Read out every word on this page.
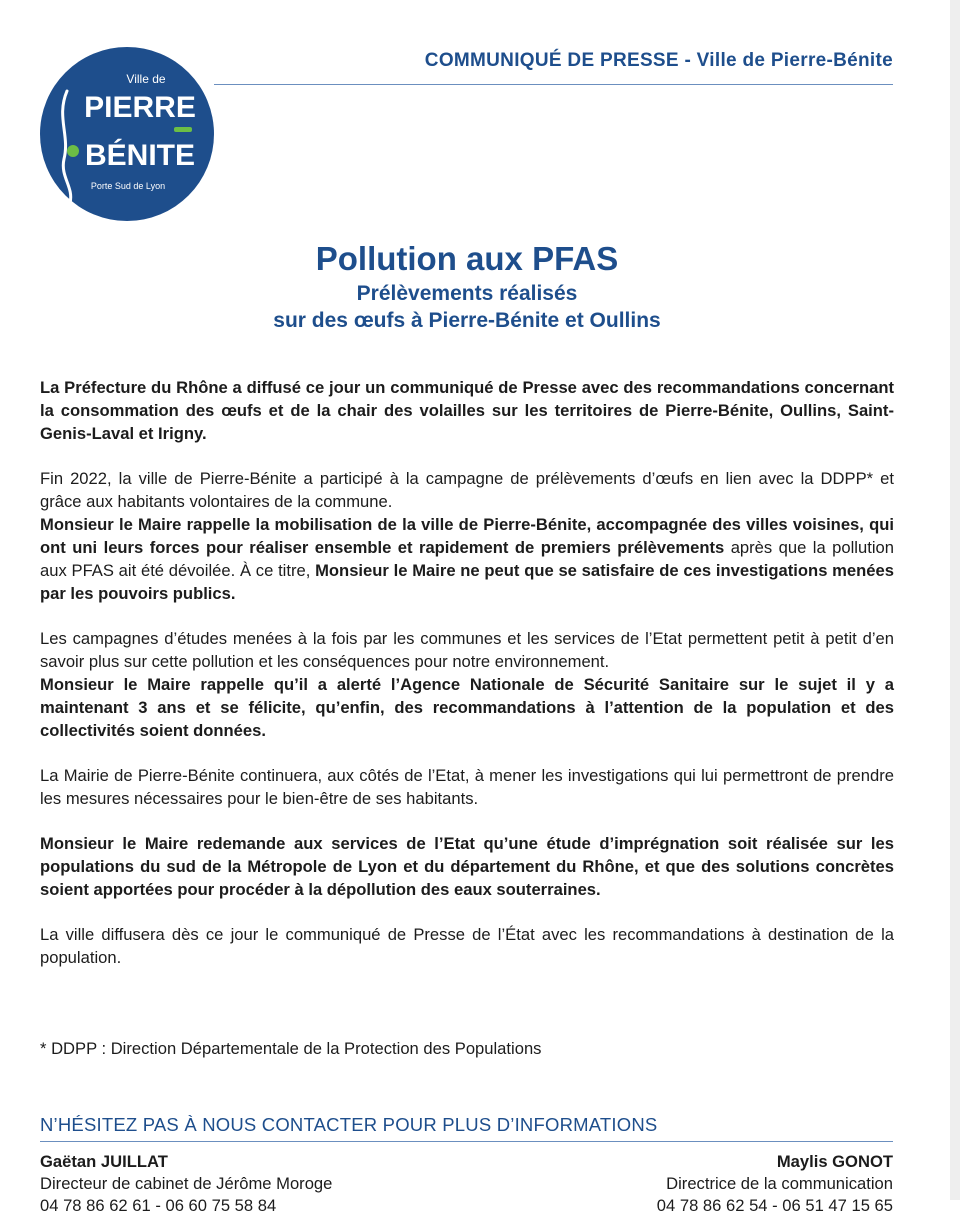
Ville de
PIERRE
BÉNITE
Porte Sud de Lyon
COMMUNIQUÉ DE PRESSE - Ville de Pierre-Bénite
Pollution aux PFAS
Prélèvements réalisés
sur des œufs à Pierre-Bénite et Oullins

La Préfecture du Rhône a diffusé ce jour un communiqué de Presse avec des recommandations concernant la consommation des œufs et de la chair des volailles sur les territoires de Pierre-Bénite, Oullins, Saint-Genis-Laval et Irigny.

Fin 2022, la ville de Pierre-Bénite a participé à la campagne de prélèvements d’œufs en lien avec la DDPP* et grâce aux habitants volontaires de la commune.
Monsieur le Maire rappelle la mobilisation de la ville de Pierre-Bénite, accompagnée des villes voisines, qui ont uni leurs forces pour réaliser ensemble et rapidement de premiers prélèvements après que la pollution aux PFAS ait été dévoilée. À ce titre, Monsieur le Maire ne peut que se satisfaire de ces investigations menées par les pouvoirs publics.

Les campagnes d’études menées à la fois par les communes et les services de l’Etat permettent petit à petit d’en savoir plus sur cette pollution et les conséquences pour notre environnement.
Monsieur le Maire rappelle qu’il a alerté l’Agence Nationale de Sécurité Sanitaire sur le sujet il y a maintenant 3 ans et se félicite, qu’enfin, des recommandations à l’attention de la population et des collectivités soient données.

La Mairie de Pierre-Bénite continuera, aux côtés de l’Etat, à mener les investigations qui lui permettront de prendre les mesures nécessaires pour le bien-être de ses habitants.

Monsieur le Maire redemande aux services de l’Etat qu’une étude d’imprégnation soit réalisée sur les populations du sud de la Métropole de Lyon et du département du Rhône, et que des solutions concrètes soient apportées pour procéder à la dépollution des eaux souterraines.

La ville diffusera dès ce jour le communiqué de Presse de l’État avec les recommandations à destination de la population.

* DDPP : Direction Départementale de la Protection des Populations
N’HÉSITEZ PAS À NOUS CONTACTER POUR PLUS D’INFORMATIONS
Gaëtan JUILLAT
Directeur de cabinet de Jérôme Moroge
04 78 86 62 61 - 06 60 75 58 84
Maylis GONOT
Directrice de la communication
04 78 86 62 54 - 06 51 47 15 65
